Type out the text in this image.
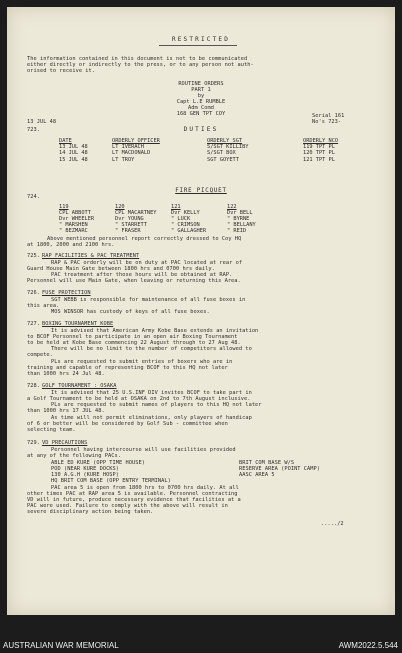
RESTRICTED
The information contained in this document is not to be communicated
either directly or indirectly to the press, or to any person not auth-
orised to receive it.
ROUTINE ORDERS
PART 1
by
Capt L.E RUMBLE
Adm Comd
168 GEN TPT COY	Serial 161
13 JUL 48	No's 723-
723.	DUTIES
DATE	ORDERLY OFFICER	ORDERLY SGT	ORDERLY NCO
13 JUL 48	LT IVERACH	S/SGT KILLIBY	119 TPT PL
14 JUL 48	LT MACDONALD	S/SGT BOX	120 TPT PL
15 JUL 48	LT TROY	SGT GOYETT	121 TPT PL
724.
FIRE PICQUET
119	120	121	122
CPL ABBOTT	CPL MACARTNEY	Dvr KELLY	Dvr BELL
Dvr WHEELER	Dvr YOUNG	" LUCK	" BYRNE
" MARSHEN	" STARRETT	" CRIMSON	" BELLANY
" BEZMARC	" FRASER	" GALLAGHER	" REID
Above mentioned personnel report correctly dressed to Coy HQ
at 1800, 2000 and 2100 hrs.
725. RAP FACILITIES & PAC TREATMENT
RAP & PAC orderly will be on duty at PAC located at rear of
Guard House Main Gate between 1800 hrs and 0700 hrs daily.
PAC treatment after those hours will be obtained at RAP.
Personnel will use Main Gate, when leaving or returning this Area.
726. FUSE PROTECTION
SGT WEBB is responsible for maintenance of all fuse boxes in
this area.
MOS WINSOR has custody of keys of all fuse boxes.
727. BOXING TOURNAMENT KOBE
It is advised that American Army Kobe Base extends an invitation
to BCOF Personnel to participate in an open air Boxing Tournament
to be held at Kobe Base commencing 22 August through to 27 Aug 48.
There will be no limit to the number of competitors allowed to
compete.
PLs are requested to submit entries of boxers who are in
training and capable of representing BCOF to this HQ not later
than 1000 hrs 24 Jul 48.
728. GOLF TOURNAMENT : OSAKA
It is advised that 25 U.S.INF DIV invites BCOF to take part in
a Golf Tournament to be held at OSAKA on 2nd to 7th August inclusive.
PLs are requested to submit names of players to this HQ not later
than 1000 hrs 17 JUL 48.
As time will not permit eliminations, only players of handicap
of 6 or better will be considered by Golf Sub - committee when
selecting team.
729. VD PRECAUTIONS
Personnel having intercourse will use facilities provided
at any of the following PACs.
ABLE ED KURE (OPP TIME HOUSE)
POD (NEAR KURE DOCKS)
130 A.G.H (KURE HOSP)
HQ BRIT COM BASE (OPP ENTRY TERMINAL)
BRIT COM BASE W/S
RESERVE AREA (POINT CAMP)
AASC AREA 5
PAC area 5 is open from 1800 hrs to 0700 hrs daily. At all
other times PAC at RAP area 5 is available. Personnel contracting
VD will in future, produce necessary evidence that facilities at a
PAC were used. Failure to comply with the above will result in
severe disciplinary action being taken.
...../2
AUSTRALIAN WAR MEMORIAL	AWM2022.5.544
